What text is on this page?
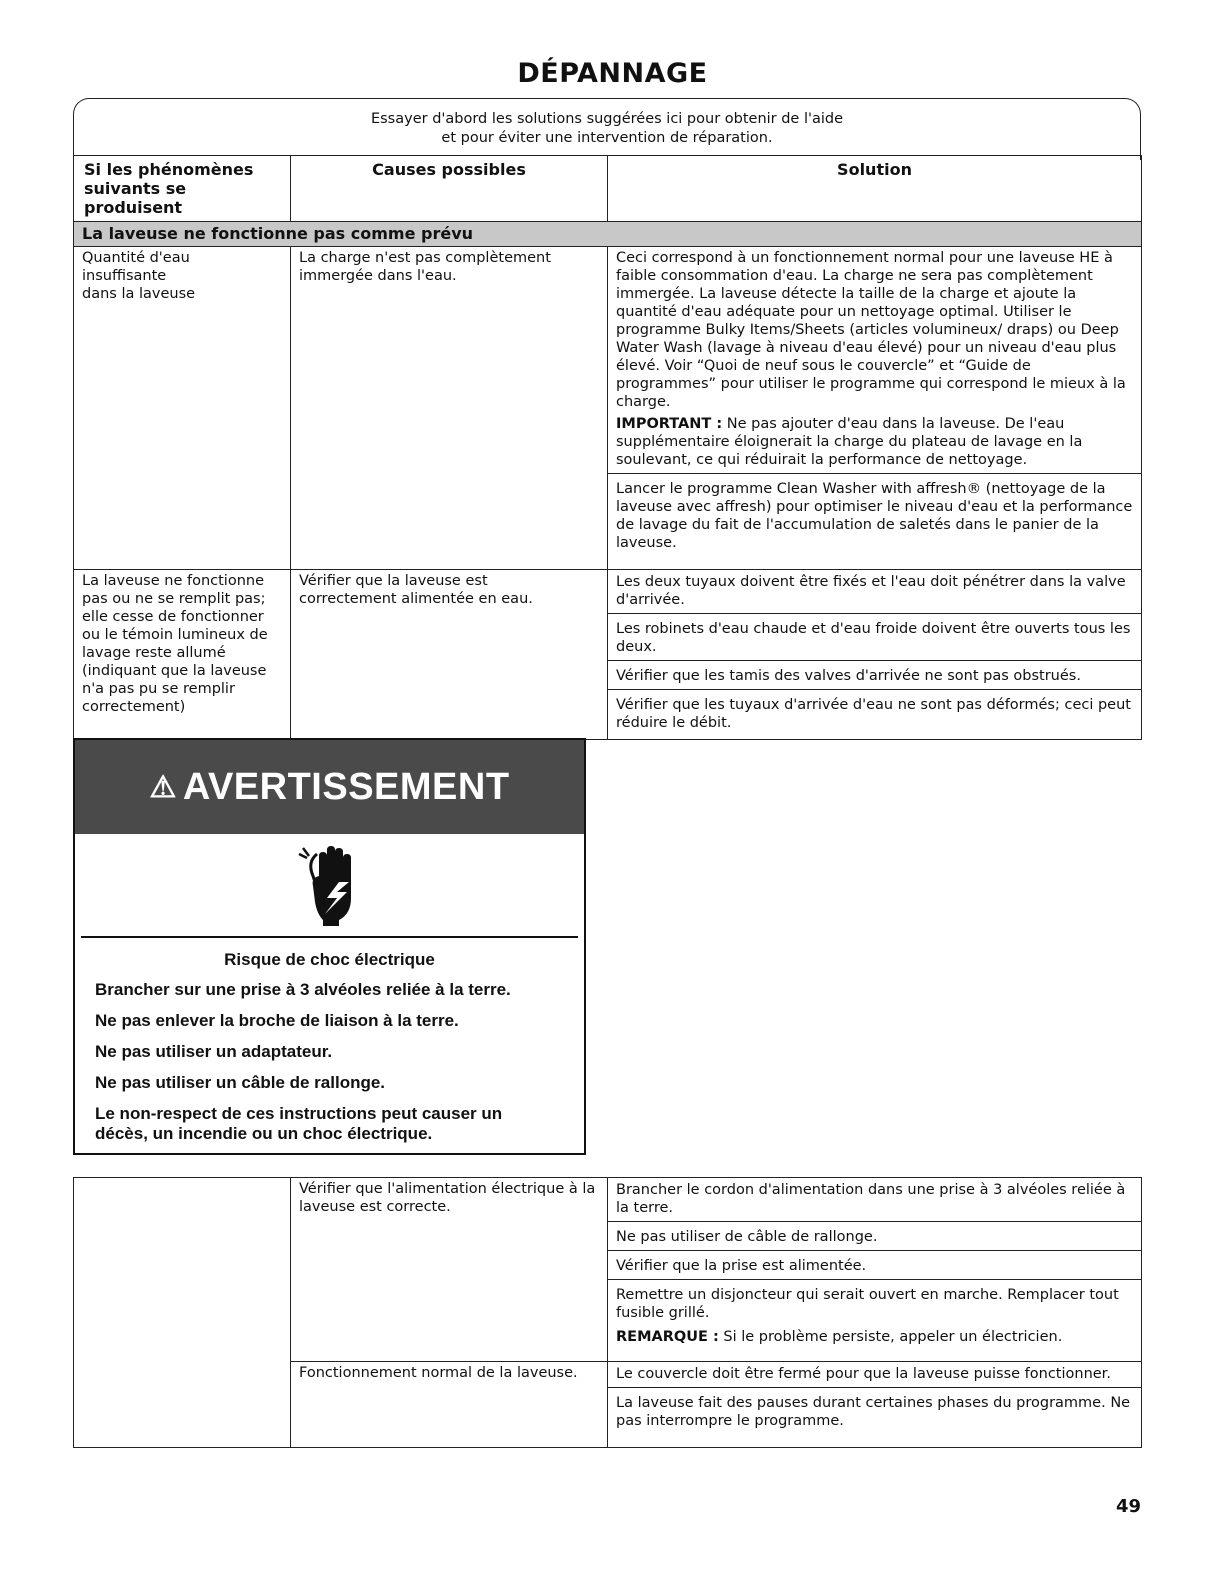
DÉPANNAGE
Essayer d'abord les solutions suggérées ici pour obtenir de l'aide
et pour éviter une intervention de réparation.
Si les phénomènes suivants se produisent	Causes possibles	Solution
La laveuse ne fonctionne pas comme prévu		
Quantité d'eau insuffisante dans la laveuse	La charge n'est pas complètement immergée dans l'eau.	Ceci correspond à un fonctionnement normal pour une laveuse HE à faible consommation d'eau. La charge ne sera pas complètement immergée. La laveuse détecte la taille de la charge et ajoute la quantité d'eau adéquate pour un nettoyage optimal. Utiliser le programme Bulky Items/Sheets (articles volumineux/ draps) ou Deep Water Wash (lavage à niveau d'eau élevé) pour un niveau d'eau plus élevé. Voir “Quoi de neuf sous le couvercle” et “Guide de programmes” pour utiliser le programme qui correspond le mieux à la charge.
IMPORTANT : Ne pas ajouter d'eau dans la laveuse. De l'eau supplémentaire éloignerait la charge du plateau de lavage en la soulevant, ce qui réduirait la performance de nettoyage.
Lancer le programme Clean Washer with affresh® (nettoyage de la laveuse avec affresh) pour optimiser le niveau d'eau et la performance de lavage du fait de l'accumulation de saletés dans le panier de la laveuse.

La laveuse ne fonctionne pas ou ne se remplit pas; elle cesse de fonctionner ou le témoin lumineux de lavage reste allumé (indiquant que la laveuse n'a pas pu se remplir correctement)	Vérifier que la laveuse est correctement alimentée en eau.	Les deux tuyaux doivent être fixés et l'eau doit pénétrer dans la valve d'arrivée.
Les robinets d'eau chaude et d'eau froide doivent être ouverts tous les deux.
Vérifier que les tamis des valves d'arrivée ne sont pas obstrués.
Vérifier que les tuyaux d'arrivée d'eau ne sont pas déformés; ceci peut réduire le débit.
⚠ AVERTISSEMENT
Risque de choc électrique

Brancher sur une prise à 3 alvéoles reliée à la terre.

Ne pas enlever la broche de liaison à la terre.

Ne pas utiliser un adaptateur.

Ne pas utiliser un câble de rallonge.

Le non-respect de ces instructions peut causer un décès, un incendie ou un choc électrique.

	Vérifier que l'alimentation électrique à la laveuse est correcte.	Brancher le cordon d'alimentation dans une prise à 3 alvéoles reliée à la terre.
Ne pas utiliser de câble de rallonge.
Vérifier que la prise est alimentée.
Remettre un disjoncteur qui serait ouvert en marche. Remplacer tout fusible grillé.
REMARQUE : Si le problème persiste, appeler un électricien.

	Fonctionnement normal de la laveuse.	Le couvercle doit être fermé pour que la laveuse puisse fonctionner.
La laveuse fait des pauses durant certaines phases du programme. Ne pas interrompre le programme.
49
